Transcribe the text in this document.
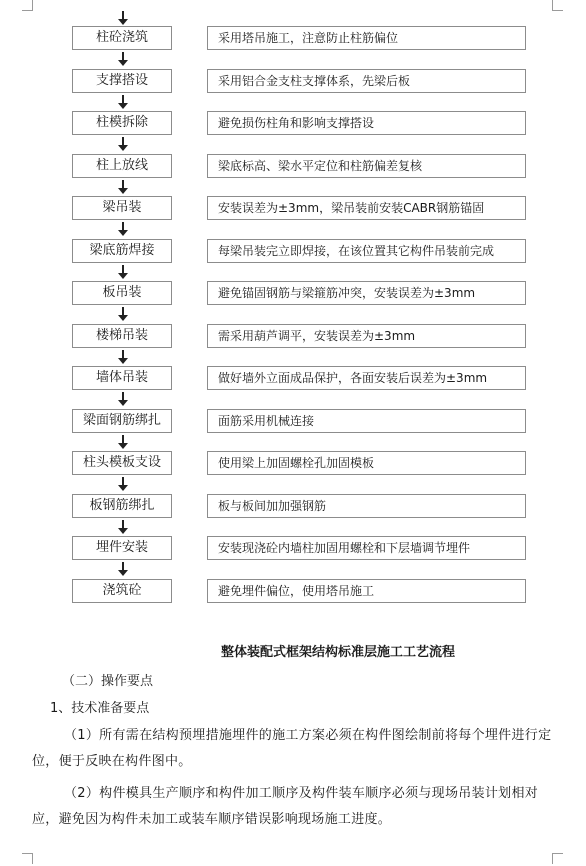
柱砼浇筑	采用塔吊施工，注意防止柱筋偏位
支撑搭设	采用铝合金支柱支撑体系，先梁后板
柱模拆除	避免损伤柱角和影响支撑搭设
柱上放线	梁底标高、梁水平定位和柱筋偏差复核
梁吊装	安装误差为±3mm，梁吊装前安装CABR钢筋锚固
梁底筋焊接	每梁吊装完立即焊接，在该位置其它构件吊装前完成
板吊装	避免锚固钢筋与梁箍筋冲突，安装误差为±3mm
楼梯吊装	需采用葫芦调平，安装误差为±3mm
墙体吊装	做好墙外立面成品保护，各面安装后误差为±3mm
梁面钢筋绑扎	面筋采用机械连接
柱头模板支设	使用梁上加固螺栓孔加固模板
板钢筋绑扎	板与板间加加强钢筋
埋件安装	安装现浇砼内墙柱加固用螺栓和下层墙调节埋件
浇筑砼	避免埋件偏位，使用塔吊施工
整体装配式框架结构标准层施工工艺流程
（二）操作要点
1、技术准备要点
（1）所有需在结构预埋措施埋件的施工方案必须在构件图绘制前将每个埋件进行定位，便于反映在构件图中。
（2）构件模具生产顺序和构件加工顺序及构件装车顺序必须与现场吊装计划相对应，避免因为构件未加工或装车顺序错误影响现场施工进度。
